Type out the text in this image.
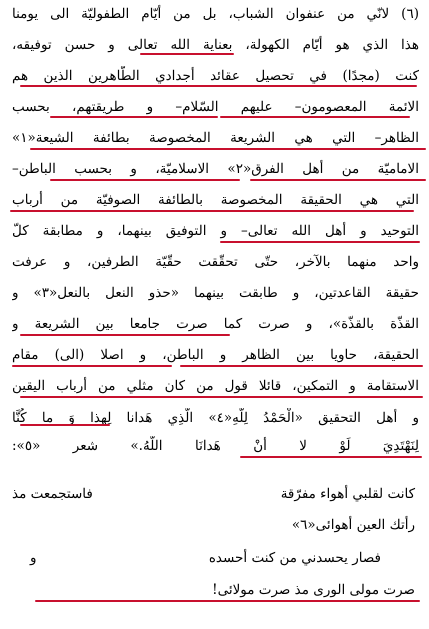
(٦) لانّي من عنفوان الشباب، بل من أيّام الطفوليّة الى يومنا
هذا الذي هو أيّام الكهولة، بعناية الله تعالى و حسن توفيقه،
كنت (مجدًا) في تحصيل عقائد أجدادي الطّاهرين الذين هم
الائمة المعصومون– عليهم السّلام– و طريقتهم، بحسب
الظاهر– التي هي الشريعة المخصوصة بطائفة الشيعة«١»
الاماميّة من أهل الفرق«٢» الاسلاميّة، و بحسب الباطن–
التي هي الحقيقة المخصوصة بالطائفة الصوفيّة من أرباب
التوحيد و أهل الله تعالى– و التوفيق بينهما، و مطابقة كلّ
واحد منهما بالآخر، حتّى تحقّقت حقّيّة الطرفين، و عرفت
حقيقة القاعدتين، و طابقت بينهما «حذو النعل بالنعل«٣» و
القذّة بالقذّة»، و صرت كما صرت جامعا بين الشريعة و
الحقيقة، حاويا بين الظاهر و الباطن، و اصلا (الى) مقام
الاستقامة و التمكين، قائلا قول من كان مثلي من أرباب اليقين
و أهل التحقيق «الْحَمْدُ لِلَّهِ«٤» الَّذِي هَدانا لِهذا وَ ما كُنَّا
لِنَهْتَدِيَ لَوْ لا أَنْ هَدانَا اللَّهُ.» شعر «٥»:
كانت لقلبي أهواء مفرّقة
فاستجمعت مذ
رأتك العين أهوائى«٦»
فصار يحسدني من كنت أحسده
و
صرت مولى الورى مذ صرت مولائى!
